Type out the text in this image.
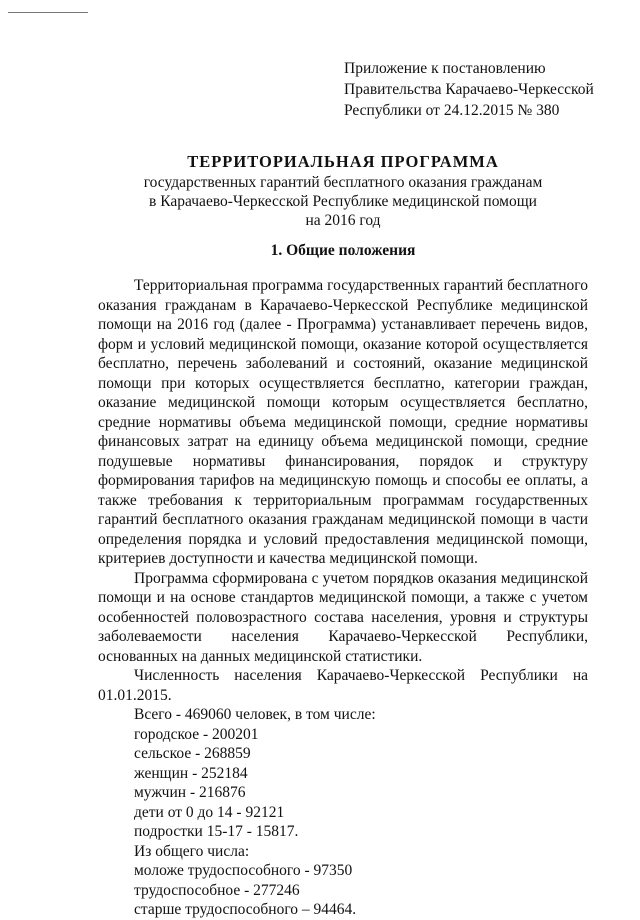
Приложение к постановлению
Правительства Карачаево-Черкесской
Республики от 24.12.2015 № 380
ТЕРРИТОРИАЛЬНАЯ ПРОГРАММА
государственных гарантий бесплатного оказания гражданам
в Карачаево-Черкесской Республике медицинской помощи
на 2016 год
1. Общие положения

Территориальная программа государственных гарантий бесплатного оказания гражданам в Карачаево-Черкесской Республике медицинской помощи на 2016 год (далее - Программа) устанавливает перечень видов, форм и условий медицинской помощи, оказание которой осуществляется бесплатно, перечень заболеваний и состояний, оказание медицинской помощи при которых осуществляется бесплатно, категории граждан, оказание медицинской помощи которым осуществляется бесплатно, средние нормативы объема медицинской помощи, средние нормативы финансовых затрат на единицу объема медицинской помощи, средние подушевые нормативы финансирования, порядок и структуру формирования тарифов на медицинскую помощь и способы ее оплаты, а также требования к территориальным программам государственных гарантий бесплатного оказания гражданам медицинской помощи в части определения порядка и условий предоставления медицинской помощи, критериев доступности и качества медицинской помощи.

Программа сформирована с учетом порядков оказания медицинской помощи и на основе стандартов медицинской помощи, а также с учетом особенностей половозрастного состава населения, уровня и структуры заболеваемости населения Карачаево-Черкесской Республики, основанных на данных медицинской статистики.

Численность населения Карачаево-Черкесской Республики на 01.01.2015.

Всего - 469060 человек, в том числе:
городское - 200201
сельское - 268859
женщин - 252184
мужчин - 216876
дети от 0 до 14 - 92121
подростки 15-17 - 15817.
Из общего числа:
моложе трудоспособного - 97350
трудоспособное - 277246
старше трудоспособного – 94464.
